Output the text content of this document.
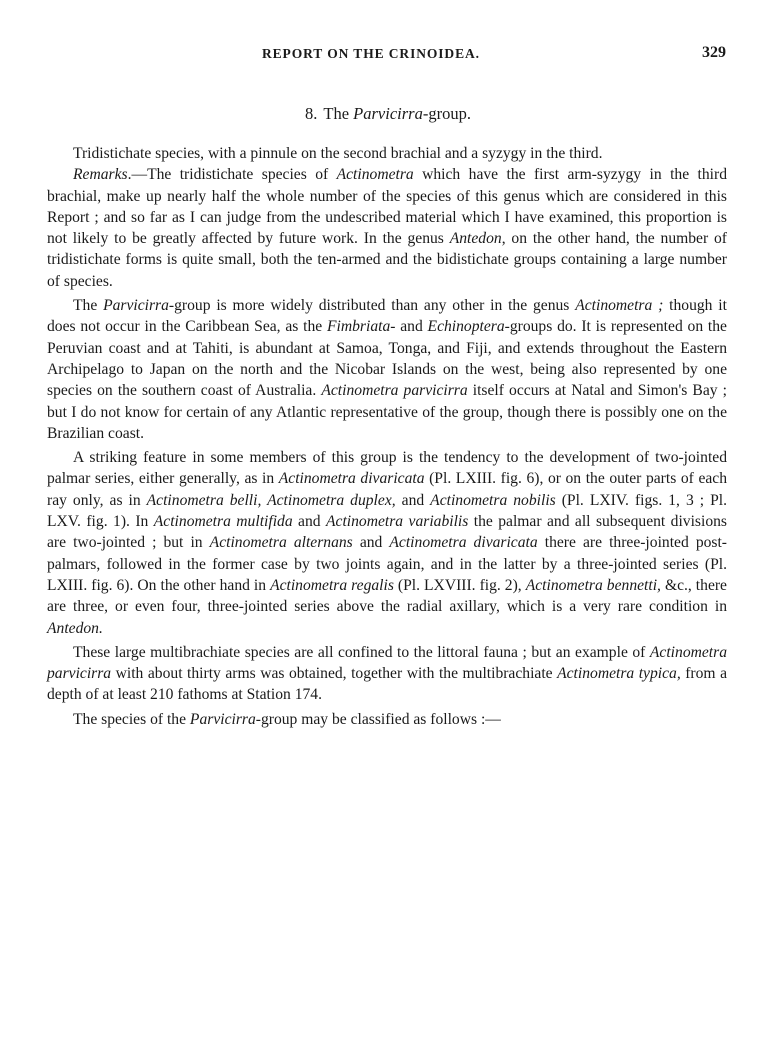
REPORT ON THE CRINOIDEA.	329
8. The Parvicirra-group.

Tridistichate species, with a pinnule on the second brachial and a syzygy in the third.

Remarks.—The tridistichate species of Actinometra which have the first arm-syzygy in the third brachial, make up nearly half the whole number of the species of this genus which are considered in this Report ; and so far as I can judge from the undescribed material which I have examined, this proportion is not likely to be greatly affected by future work. In the genus Antedon, on the other hand, the number of tridistichate forms is quite small, both the ten-armed and the bidistichate groups containing a large number of species.

The Parvicirra-group is more widely distributed than any other in the genus Actinometra ; though it does not occur in the Caribbean Sea, as the Fimbriata- and Echinoptera-groups do. It is represented on the Peruvian coast and at Tahiti, is abundant at Samoa, Tonga, and Fiji, and extends throughout the Eastern Archipelago to Japan on the north and the Nicobar Islands on the west, being also represented by one species on the southern coast of Australia. Actinometra parvicirra itself occurs at Natal and Simon's Bay ; but I do not know for certain of any Atlantic representative of the group, though there is possibly one on the Brazilian coast.

A striking feature in some members of this group is the tendency to the development of two-jointed palmar series, either generally, as in Actinometra divaricata (Pl. LXIII. fig. 6), or on the outer parts of each ray only, as in Actinometra belli, Actinometra duplex, and Actinometra nobilis (Pl. LXIV. figs. 1, 3 ; Pl. LXV. fig. 1). In Actinometra multifida and Actinometra variabilis the palmar and all subsequent divisions are two-jointed ; but in Actinometra alternans and Actinometra divaricata there are three-jointed post-palmars, followed in the former case by two joints again, and in the latter by a three-jointed series (Pl. LXIII. fig. 6). On the other hand in Actinometra regalis (Pl. LXVIII. fig. 2), Actinometra bennetti, &c., there are three, or even four, three-jointed series above the radial axillary, which is a very rare condition in Antedon.

These large multibrachiate species are all confined to the littoral fauna ; but an example of Actinometra parvicirra with about thirty arms was obtained, together with the multibrachiate Actinometra typica, from a depth of at least 210 fathoms at Station 174.

The species of the Parvicirra-group may be classified as follows :—
